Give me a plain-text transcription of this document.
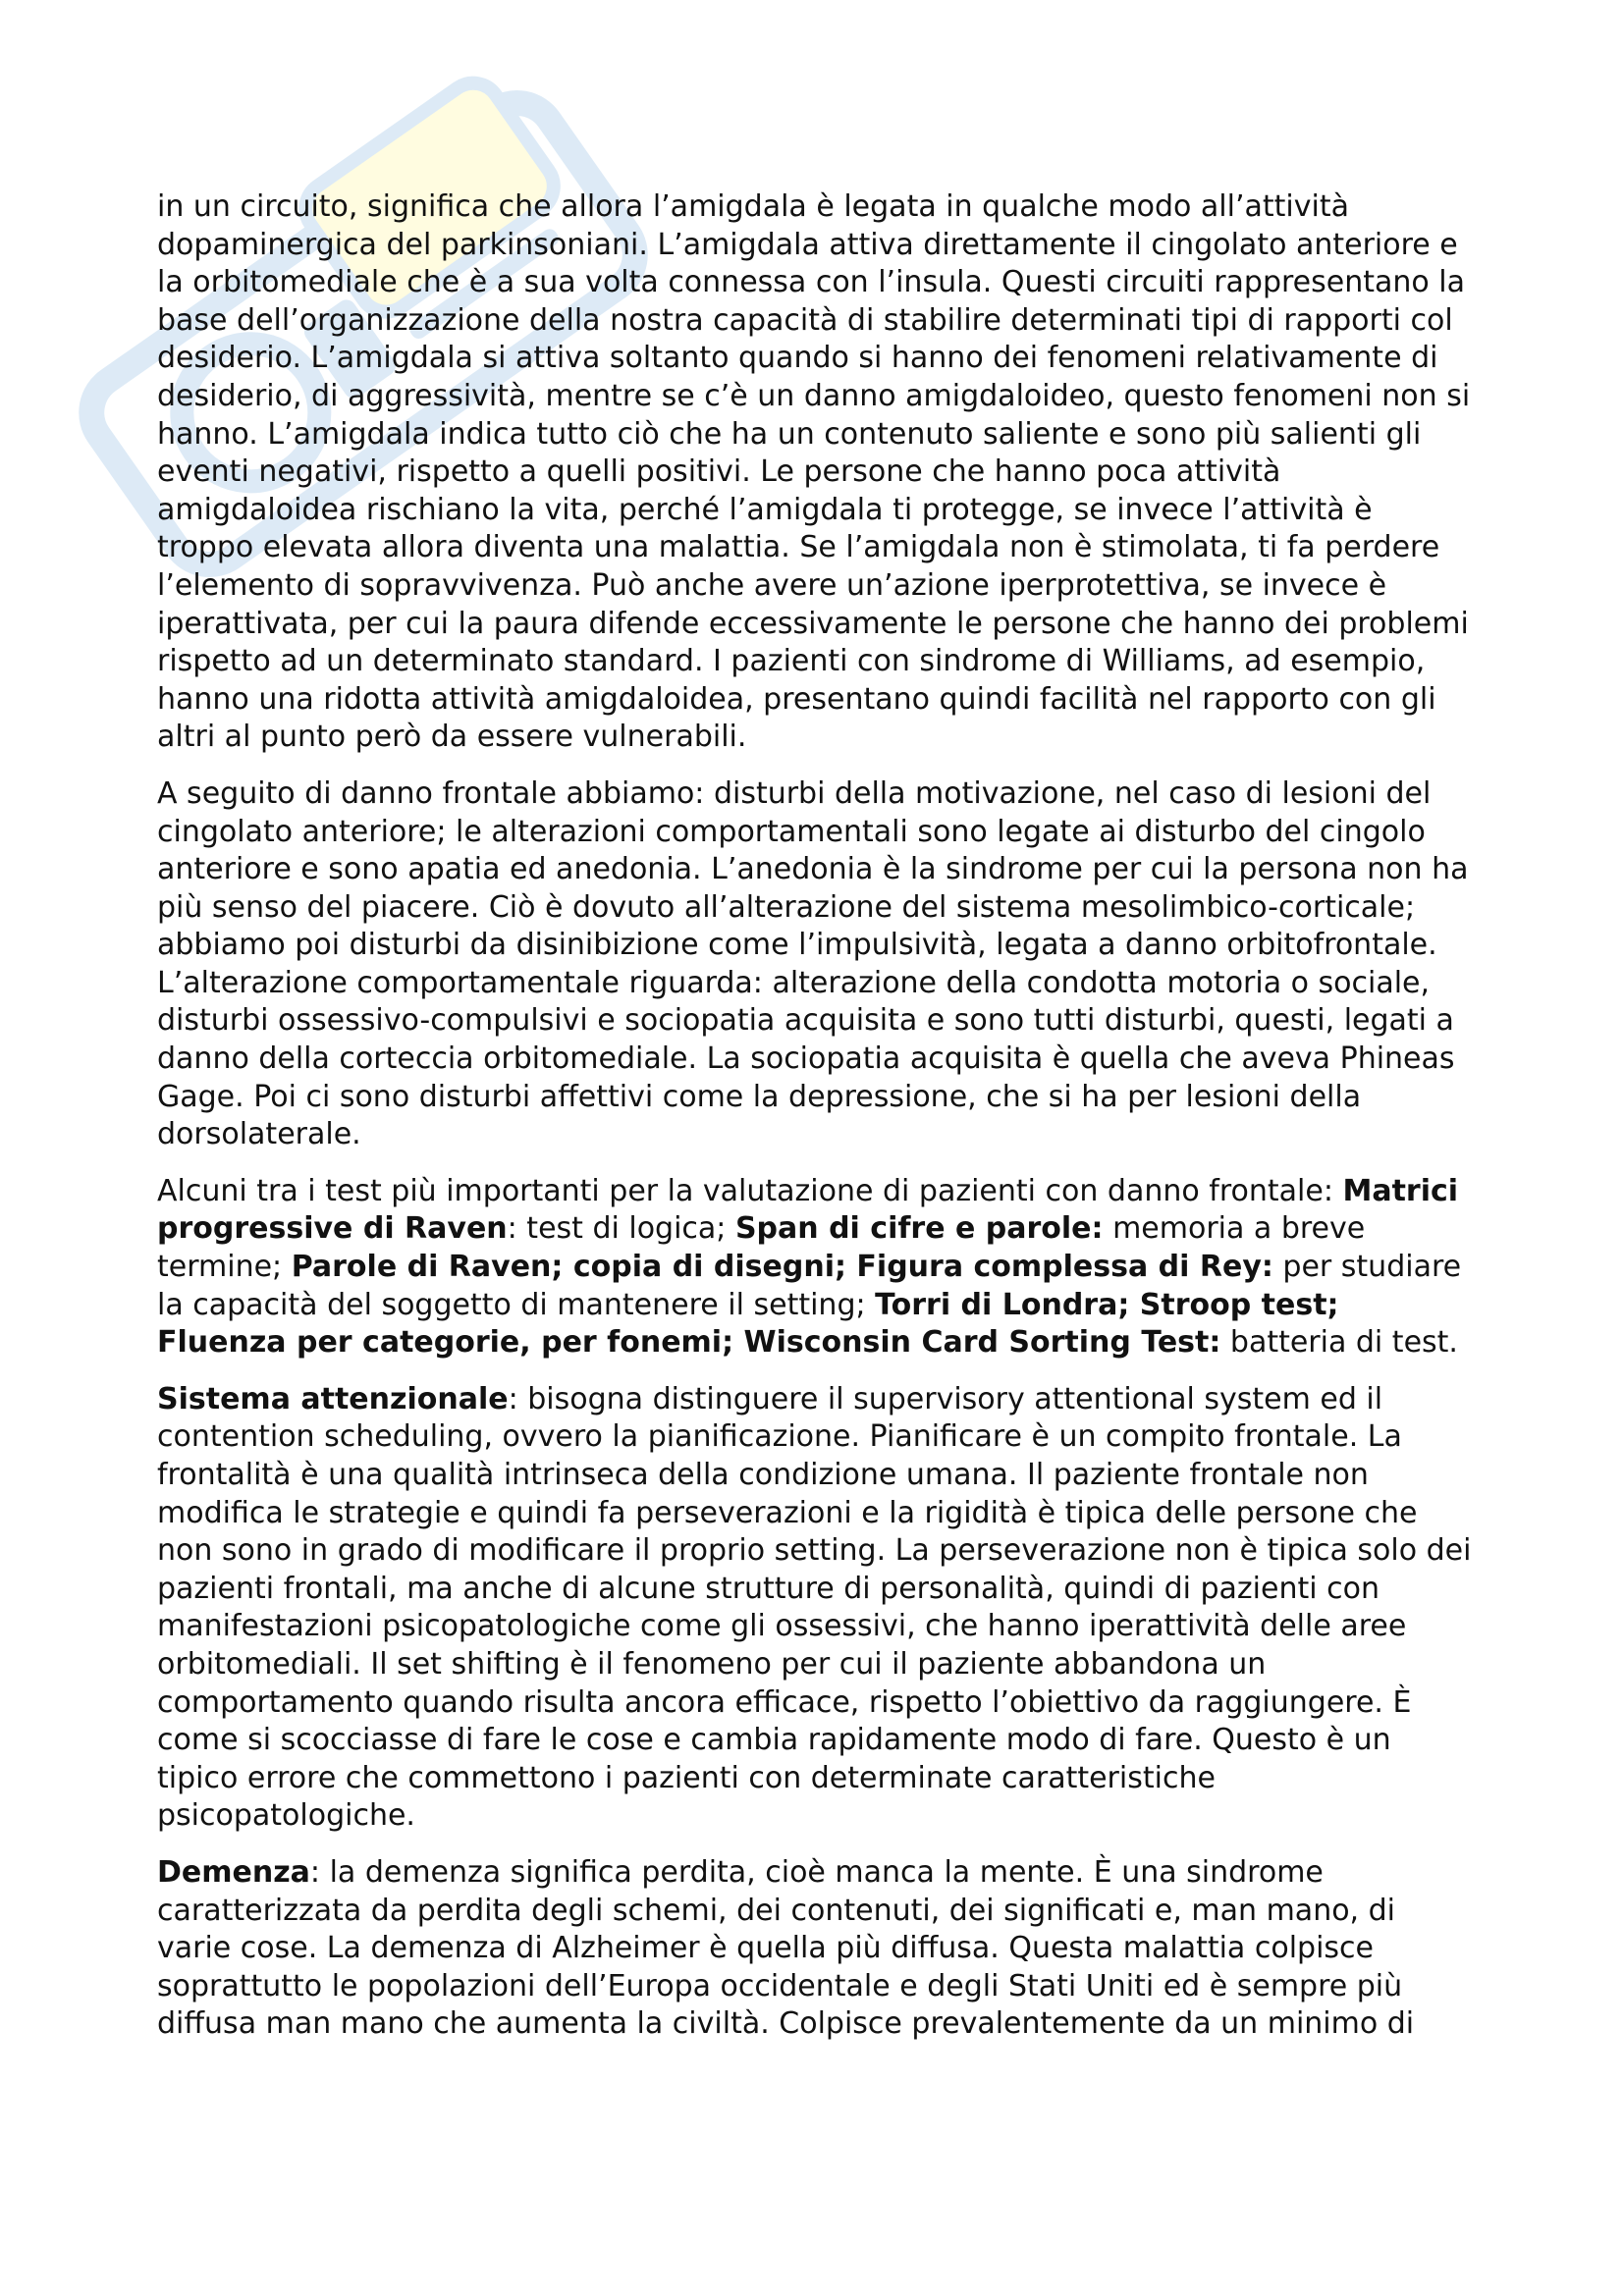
in un circuito, significa che allora l’amigdala è legata in qualche modo all’attività dopaminergica del parkinsoniani. L’amigdala attiva direttamente il cingolato anteriore e la orbitomediale che è a sua volta connessa con l’insula. Questi circuiti rappresentano la base dell’organizzazione della nostra capacità di stabilire determinati tipi di rapporti col desiderio. L’amigdala si attiva soltanto quando si hanno dei fenomeni relativamente di desiderio, di aggressività, mentre se c’è un danno amigdaloideo, questo fenomeni non si hanno. L’amigdala indica tutto ciò che ha un contenuto saliente e sono più salienti gli eventi negativi, rispetto a quelli positivi. Le persone che hanno poca attività amigdaloidea rischiano la vita, perché l’amigdala ti protegge, se invece l’attività è troppo elevata allora diventa una malattia. Se l’amigdala non è stimolata, ti fa perdere l’elemento di sopravvivenza. Può anche avere un’azione iperprotettiva, se invece è iperattivata, per cui la paura difende eccessivamente le persone che hanno dei problemi rispetto ad un determinato standard. I pazienti con sindrome di Williams, ad esempio, hanno una ridotta attività amigdaloidea, presentano quindi facilità nel rapporto con gli altri al punto però da essere vulnerabili.

A seguito di danno frontale abbiamo: disturbi della motivazione, nel caso di lesioni del cingolato anteriore; le alterazioni comportamentali sono legate ai disturbo del cingolo anteriore e sono apatia ed anedonia. L’anedonia è la sindrome per cui la persona non ha più senso del piacere. Ciò è dovuto all’alterazione del sistema mesolimbico-corticale; abbiamo poi disturbi da disinibizione come l’impulsività, legata a danno orbitofrontale. L’alterazione comportamentale riguarda: alterazione della condotta motoria o sociale, disturbi ossessivo-compulsivi e sociopatia acquisita e sono tutti disturbi, questi, legati a danno della corteccia orbitomediale. La sociopatia acquisita è quella che aveva Phineas Gage. Poi ci sono disturbi affettivi come la depressione, che si ha per lesioni della dorsolaterale.

Alcuni tra i test più importanti per la valutazione di pazienti con danno frontale: Matrici progressive di Raven: test di logica; Span di cifre e parole: memoria a breve termine; Parole di Raven; copia di disegni; Figura complessa di Rey: per studiare la capacità del soggetto di mantenere il setting; Torri di Londra; Stroop test; Fluenza per categorie, per fonemi; Wisconsin Card Sorting Test: batteria di test.

Sistema attenzionale: bisogna distinguere il supervisory attentional system ed il contention scheduling, ovvero la pianificazione. Pianificare è un compito frontale. La frontalità è una qualità intrinseca della condizione umana. Il paziente frontale non modifica le strategie e quindi fa perseverazioni e la rigidità è tipica delle persone che non sono in grado di modificare il proprio setting. La perseverazione non è tipica solo dei pazienti frontali, ma anche di alcune strutture di personalità, quindi di pazienti con manifestazioni psicopatologiche come gli ossessivi, che hanno iperattività delle aree orbitomediali. Il set shifting è il fenomeno per cui il paziente abbandona un comportamento quando risulta ancora efficace, rispetto l’obiettivo da raggiungere. È come si scocciasse di fare le cose e cambia rapidamente modo di fare. Questo è un tipico errore che commettono i pazienti con determinate caratteristiche psicopatologiche.

Demenza: la demenza significa perdita, cioè manca la mente. È una sindrome caratterizzata da perdita degli schemi, dei contenuti, dei significati e, man mano, di varie cose. La demenza di Alzheimer è quella più diffusa. Questa malattia colpisce soprattutto le popolazioni dell’Europa occidentale e degli Stati Uniti ed è sempre più diffusa man mano che aumenta la civiltà. Colpisce prevalentemente da un minimo di
